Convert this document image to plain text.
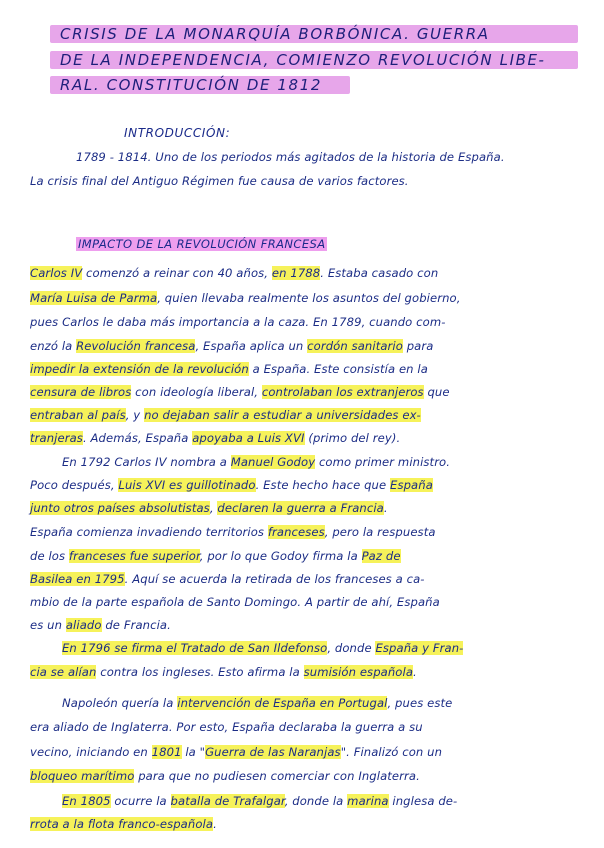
CRISIS DE LA MONARQUÍA BORBÓNICA. GUERRA
DE LA INDEPENDENCIA, COMIENZO REVOLUCIÓN LIBE-
RAL. CONSTITUCIÓN DE 1812
INTRODUCCIÓN:
1789 - 1814. Uno de los periodos más agitados de la historia de España.
La crisis final del Antiguo Régimen fue causa de varios factores.
IMPACTO DE LA REVOLUCIÓN FRANCESA
Carlos IV comenzó a reinar con 40 años, en 1788. Estaba casado con
María Luisa de Parma, quien llevaba realmente los asuntos del gobierno,
pues Carlos le daba más importancia a la caza. En 1789, cuando com-
enzó la Revolución francesa, España aplica un cordón sanitario para
impedir la extensión de la revolución a España. Este consistía en la
censura de libros con ideología liberal, controlaban los extranjeros que
entraban al país, y no dejaban salir a estudiar a universidades ex-
tranjeras. Además, España apoyaba a Luis XVI (primo del rey).
En 1792 Carlos IV nombra a Manuel Godoy como primer ministro.
Poco después, Luis XVI es guillotinado. Este hecho hace que España
junto otros países absolutistas, declaren la guerra a Francia.
España comienza invadiendo territorios franceses, pero la respuesta
de los franceses fue superior, por lo que Godoy firma la Paz de
Basilea en 1795. Aquí se acuerda la retirada de los franceses a ca-
mbio de la parte española de Santo Domingo. A partir de ahí, España
es un aliado de Francia.
En 1796 se firma el Tratado de San Ildefonso, donde España y Fran-
cia se alían contra los ingleses. Esto afirma la sumisión española.
Napoleón quería la intervención de España en Portugal, pues este
era aliado de Inglaterra. Por esto, España declaraba la guerra a su
vecino, iniciando en 1801 la "Guerra de las Naranjas". Finalizó con un
bloqueo marítimo para que no pudiesen comerciar con Inglaterra.
En 1805 ocurre la batalla de Trafalgar, donde la marina inglesa de-
rrota a la flota franco-española.
